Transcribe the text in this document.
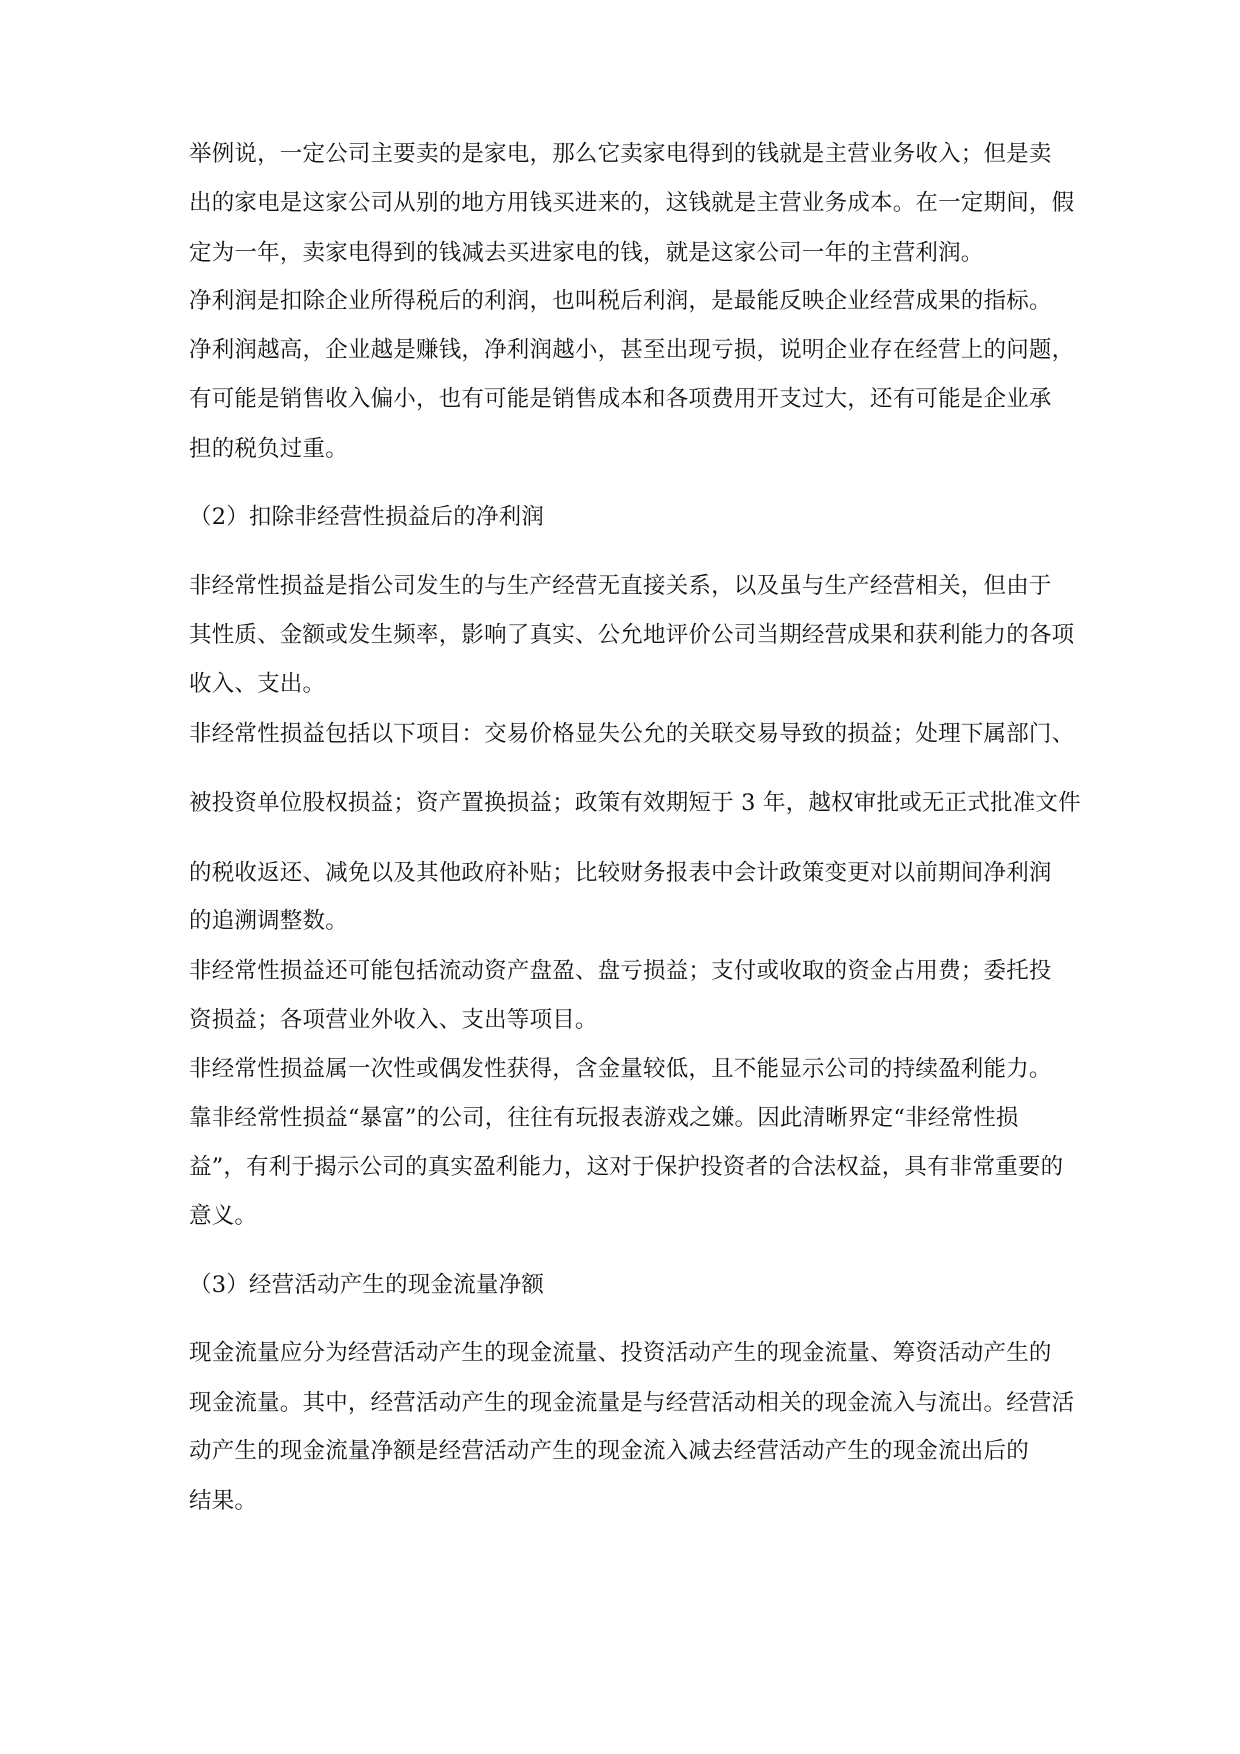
举例说，一定公司主要卖的是家电，那么它卖家电得到的钱就是主营业务收入；但是卖
出的家电是这家公司从别的地方用钱买进来的，这钱就是主营业务成本。在一定期间，假
定为一年，卖家电得到的钱减去买进家电的钱，就是这家公司一年的主营利润。
净利润是扣除企业所得税后的利润，也叫税后利润，是最能反映企业经营成果的指标。
净利润越高，企业越是赚钱，净利润越小，甚至出现亏损，说明企业存在经营上的问题，
有可能是销售收入偏小，也有可能是销售成本和各项费用开支过大，还有可能是企业承
担的税负过重。
（2）扣除非经营性损益后的净利润
非经常性损益是指公司发生的与生产经营无直接关系，以及虽与生产经营相关，但由于
其性质、金额或发生频率，影响了真实、公允地评价公司当期经营成果和获利能力的各项
收入、支出。
非经常性损益包括以下项目：交易价格显失公允的关联交易导致的损益；处理下属部门、
被投资单位股权损益；资产置换损益；政策有效期短于 3 年，越权审批或无正式批准文件
的税收返还、减免以及其他政府补贴；比较财务报表中会计政策变更对以前期间净利润
的追溯调整数。
非经常性损益还可能包括流动资产盘盈、盘亏损益；支付或收取的资金占用费；委托投
资损益；各项营业外收入、支出等项目。
非经常性损益属一次性或偶发性获得，含金量较低，且不能显示公司的持续盈利能力。
靠非经常性损益“暴富”的公司，往往有玩报表游戏之嫌。因此清晰界定“非经常性损
益”，有利于揭示公司的真实盈利能力，这对于保护投资者的合法权益，具有非常重要的
意义。
（3）经营活动产生的现金流量净额
现金流量应分为经营活动产生的现金流量、投资活动产生的现金流量、筹资活动产生的
现金流量。其中，经营活动产生的现金流量是与经营活动相关的现金流入与流出。经营活
动产生的现金流量净额是经营活动产生的现金流入减去经营活动产生的现金流出后的
结果。
